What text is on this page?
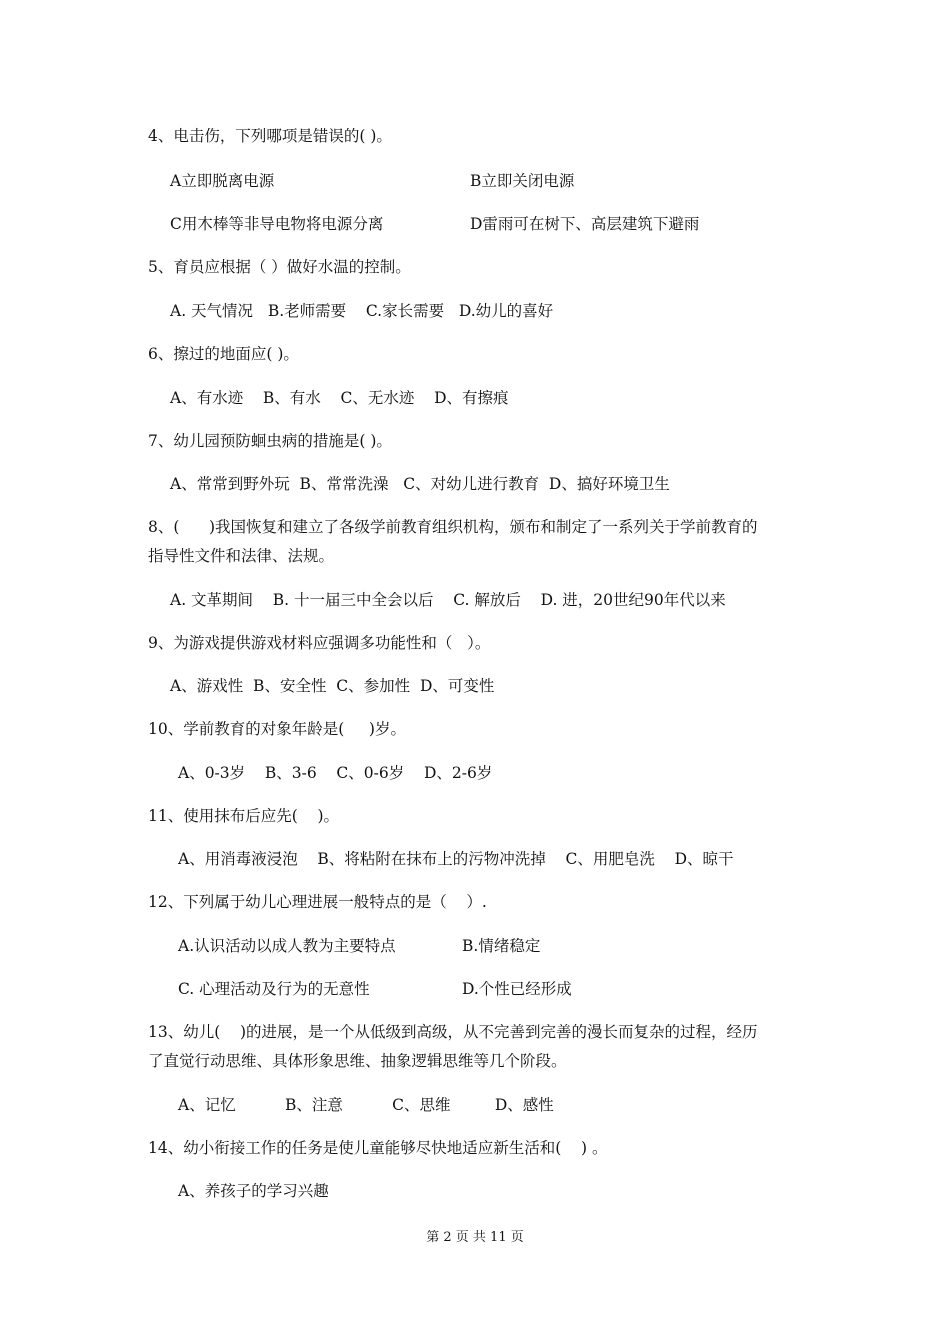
4、电击伤，下列哪项是错误的( )。
A立即脱离电源	B立即关闭电源
C用木棒等非导电物将电源分离	D雷雨可在树下、高层建筑下避雨
5、育员应根据（ ）做好水温的控制。
A. 天气情况   B.老师需要    C.家长需要   D.幼儿的喜好
6、擦过的地面应( )。
A、有水迹    B、有水    C、无水迹    D、有擦痕
7、幼儿园预防蛔虫病的措施是( )。
A、常常到野外玩  B、常常洗澡   C、对幼儿进行教育  D、搞好环境卫生
8、(      )我国恢复和建立了各级学前教育组织机构，颁布和制定了一系列关于学前教育的
指导性文件和法律、法规。
A. 文革期间    B. 十一届三中全会以后    C. 解放后    D. 进，20世纪90年代以来
9、为游戏提供游戏材料应强调多功能性和（   ）。
A、游戏性  B、安全性  C、参加性  D、可变性
10、学前教育的对象年龄是(     )岁。
A、0-3岁    B、3-6    C、0-6岁    D、2-6岁
11、使用抹布后应先(    )。
A、用消毒液浸泡    B、将粘附在抹布上的污物冲洗掉    C、用肥皂洗    D、晾干
12、下列属于幼儿心理进展一般特点的是（    ）.
A.认识活动以成人教为主要特点	B.情绪稳定
C. 心理活动及行为的无意性	D.个性已经形成
13、幼儿(    )的进展，是一个从低级到高级，从不完善到完善的漫长而复杂的过程，经历
了直觉行动思维、具体形象思维、抽象逻辑思维等几个阶段。
A、记忆          B、注意          C、思维         D、感性
14、幼小衔接工作的任务是使儿童能够尽快地适应新生活和(    ) 。
A、养孩子的学习兴趣
第 2 页 共 11 页
